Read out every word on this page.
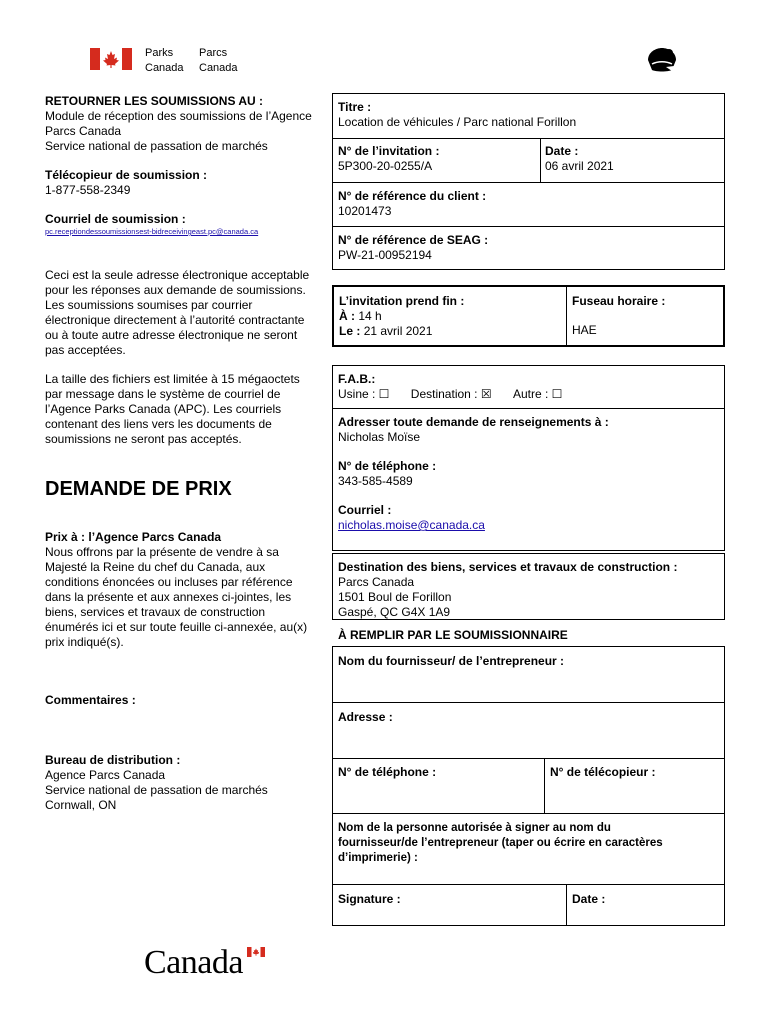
Parks
Canada
Parcs
Canada
RETOURNER LES SOUMISSIONS AU :
Module de réception des soumissions de l’Agence
Parcs Canada
Service national de passation de marchés
Télécopieur de soumission :
1-877-558-2349
Courriel de soumission :
pc.receptiondessoumissionsest-bidreceivingeast.pc@canada.ca
Ceci est la seule adresse électronique acceptable
pour les réponses aux demande de soumissions.
Les soumissions soumises par courrier
électronique directement à l’autorité contractante
ou à toute autre adresse électronique ne seront
pas acceptées.
La taille des fichiers est limitée à 15 mégaoctets
par message dans le système de courriel de
l’Agence Parks Canada (APC). Les courriels
contenant des liens vers les documents de
soumissions ne seront pas acceptés.
DEMANDE DE PRIX
Prix à : l’Agence Parcs Canada
Nous offrons par la présente de vendre à sa
Majesté la Reine du chef du Canada, aux
conditions énoncées ou incluses par référence
dans la présente et aux annexes ci-jointes, les
biens, services et travaux de construction
énumérés ici et sur toute feuille ci-annexée, au(x)
prix indiqué(s).
Commentaires :
Bureau de distribution :
Agence Parcs Canada
Service national de passation de marchés
Cornwall, ON
Titre :
Location de véhicules / Parc national Forillon
N° de l’invitation :
5P300-20-0255/A
Date :
06 avril 2021
N° de référence du client :
10201473
N° de référence de SEAG :
PW-21-00952194
L’invitation prend fin :
À : 14 h
Le : 21 avril 2021
Fuseau horaire :
HAE
F.A.B.:
Usine : ☐ Destination : ☒ Autre : ☐
Adresser toute demande de renseignements à :
Nicholas Moïse
N° de téléphone :
343-585-4589
Courriel :
nicholas.moise@canada.ca
Destination des biens, services et travaux de construction :
Parcs Canada
1501 Boul de Forillon
Gaspé, QC G4X 1A9
À REMPLIR PAR LE SOUMISSIONNAIRE
Nom du fournisseur/ de l’entrepreneur :
Adresse :
N° de téléphone :	N° de télécopieur :
Nom de la personne autorisée à signer au nom du
fournisseur/de l’entrepreneur (taper ou écrire en caractères
d’imprimerie) :
Signature :	Date :
Canada
